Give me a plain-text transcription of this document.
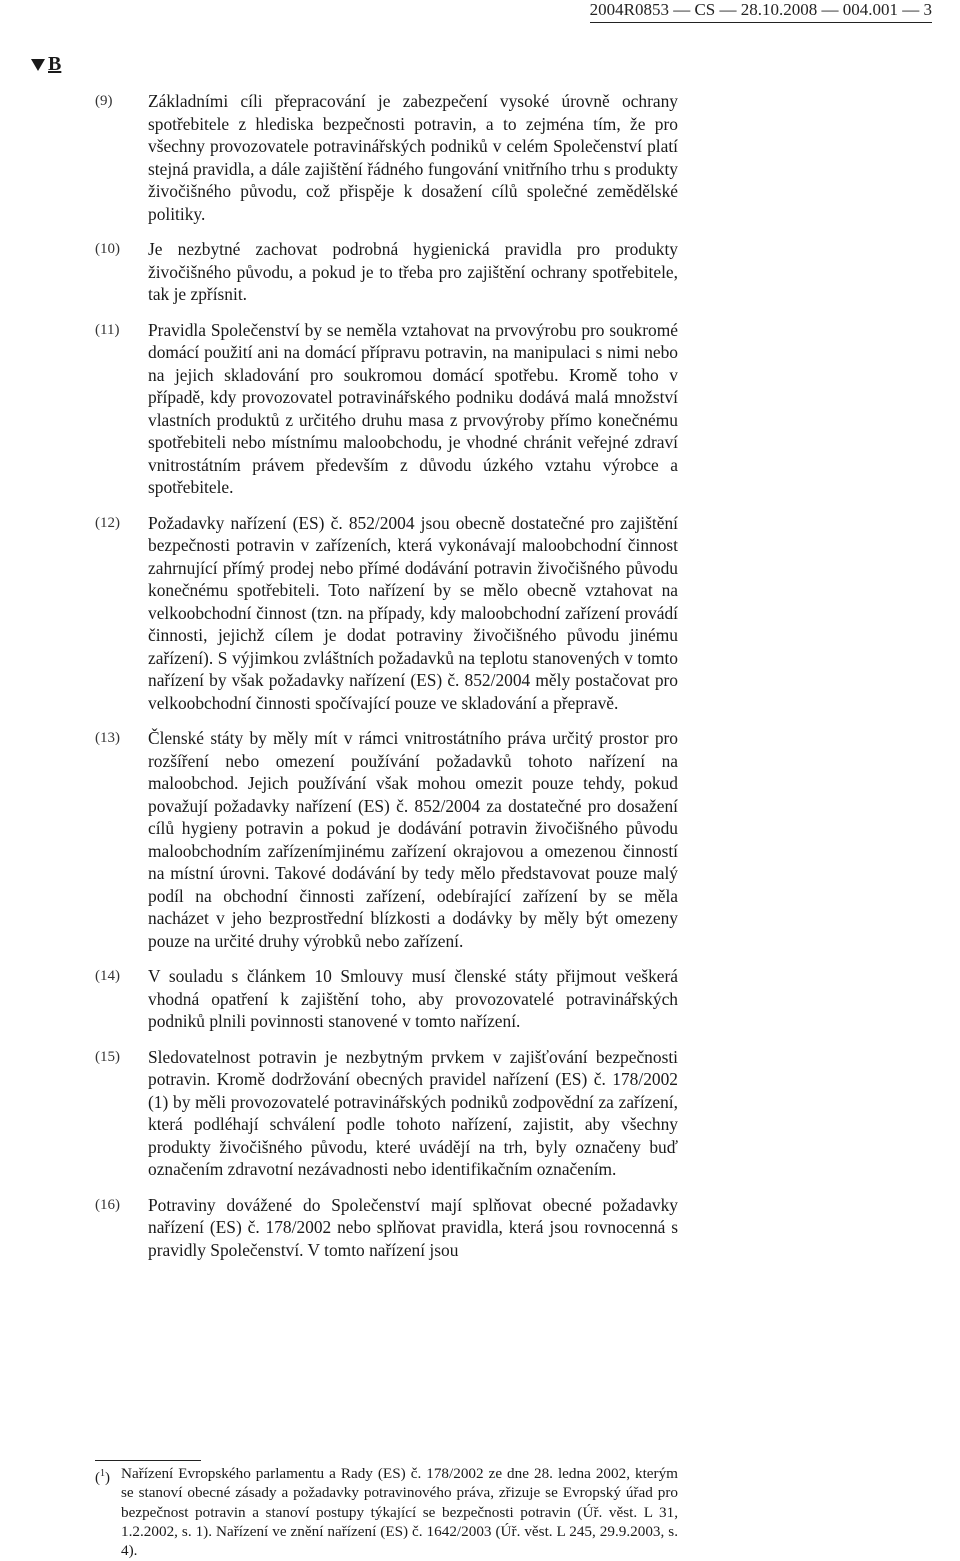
2004R0853 — CS — 28.10.2008 — 004.001 — 3
B
(9) Základními cíli přepracování je zabezpečení vysoké úrovně ochrany spotřebitele z hlediska bezpečnosti potravin, a to zejména tím, že pro všechny provozovatele potravinářských podniků v celém Společenství platí stejná pravidla, a dále zajištění řádného fungování vnitřního trhu s produkty živočišného původu, což přispěje k dosažení cílů společné zemědělské politiky.
(10) Je nezbytné zachovat podrobná hygienická pravidla pro produkty živočišného původu, a pokud je to třeba pro zajištění ochrany spotřebitele, tak je zpřísnit.
(11) Pravidla Společenství by se neměla vztahovat na prvovýrobu pro soukromé domácí použití ani na domácí přípravu potravin, na manipulaci s nimi nebo na jejich skladování pro soukromou domácí spotřebu. Kromě toho v případě, kdy provozovatel potravinářského podniku dodává malá množství vlastních produktů z určitého druhu masa z prvovýroby přímo konečnému spotřebiteli nebo místnímu maloobchodu, je vhodné chránit veřejné zdraví vnitrostátním právem především z důvodu úzkého vztahu výrobce a spotřebitele.
(12) Požadavky nařízení (ES) č. 852/2004 jsou obecně dostatečné pro zajištění bezpečnosti potravin v zařízeních, která vykonávají maloobchodní činnost zahrnující přímý prodej nebo přímé dodávání potravin živočišného původu konečnému spotřebiteli. Toto nařízení by se mělo obecně vztahovat na velkoobchodní činnost (tzn. na případy, kdy maloobchodní zařízení provádí činnosti, jejichž cílem je dodat potraviny živočišného původu jinému zařízení). S výjimkou zvláštních požadavků na teplotu stanovených v tomto nařízení by však požadavky nařízení (ES) č. 852/2004 měly postačovat pro velkoobchodní činnosti spočívající pouze ve skladování a přepravě.
(13) Členské státy by měly mít v rámci vnitrostátního práva určitý prostor pro rozšíření nebo omezení používání požadavků tohoto nařízení na maloobchod. Jejich používání však mohou omezit pouze tehdy, pokud považují požadavky nařízení (ES) č. 852/2004 za dostatečné pro dosažení cílů hygieny potravin a pokud je dodávání potravin živočišného původu maloobchodním zařízenímjinému zařízení okrajovou a omezenou činností na místní úrovni. Takové dodávání by tedy mělo představovat pouze malý podíl na obchodní činnosti zařízení, odebírající zařízení by se měla nacházet v jeho bezprostřední blízkosti a dodávky by měly být omezeny pouze na určité druhy výrobků nebo zařízení.
(14) V souladu s článkem 10 Smlouvy musí členské státy přijmout veškerá vhodná opatření k zajištění toho, aby provozovatelé potravinářských podniků plnili povinnosti stanovené v tomto nařízení.
(15) Sledovatelnost potravin je nezbytným prvkem v zajišťování bezpečnosti potravin. Kromě dodržování obecných pravidel nařízení (ES) č. 178/2002 (1) by měli provozovatelé potravinářských podniků zodpovědní za zařízení, která podléhají schválení podle tohoto nařízení, zajistit, aby všechny produkty živočišného původu, které uvádějí na trh, byly označeny buď označením zdravotní nezávadnosti nebo identifikačním označením.
(16) Potraviny dovážené do Společenství mají splňovat obecné požadavky nařízení (ES) č. 178/2002 nebo splňovat pravidla, která jsou rovnocenná s pravidly Společenství. V tomto nařízení jsou
($^1$) Nařízení Evropského parlamentu a Rady (ES) č. 178/2002 ze dne 28. ledna 2002, kterým se stanoví obecné zásady a požadavky potravinového práva, zřizuje se Evropský úřad pro bezpečnost potravin a stanoví postupy týkající se bezpečnosti potravin (Úř. věst. L 31, 1.2.2002, s. 1). Nařízení ve znění nařízení (ES) č. 1642/2003 (Úř. věst. L 245, 29.9.2003, s. 4).
